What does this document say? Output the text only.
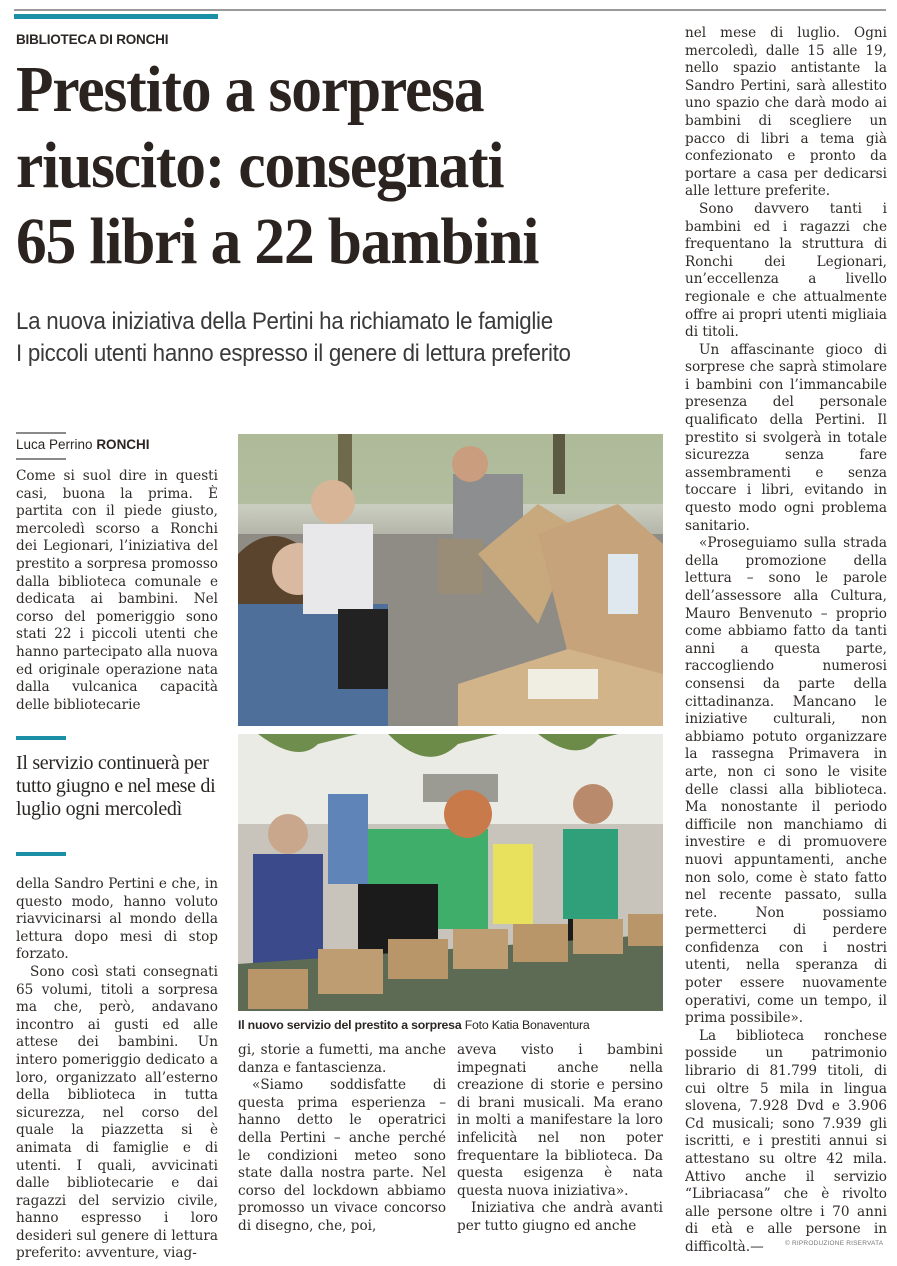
BIBLIOTECA DI RONCHI
Prestito a sorpresa
riuscito: consegnati
65 libri a 22 bambini
La nuova iniziativa della Pertini ha richiamato le famiglie
I piccoli utenti hanno espresso il genere di lettura preferito
Luca Perrino RONCHI

Come si suol dire in questi casi, buona la prima. È partita con il piede giusto, mercoledì scorso a Ronchi dei Legionari, l’iniziativa del prestito a sorpresa promosso dalla biblioteca comunale e dedicata ai bambini. Nel corso del pomeriggio sono stati 22 i piccoli utenti che hanno partecipato alla nuova ed originale operazione nata dalla vulcanica capacità delle bibliotecarie

Il servizio continuerà per tutto giugno e nel mese di luglio ogni mercoledì

della Sandro Pertini e che, in questo modo, hanno voluto riavvicinarsi al mondo della lettura dopo mesi di stop forzato.

Sono così stati consegnati 65 volumi, titoli a sorpresa ma che, però, andavano incontro ai gusti ed alle attese dei bambini. Un intero pomeriggio dedicato a loro, organizzato all’esterno della biblioteca in tutta sicurezza, nel corso del quale la piazzetta si è animata di famiglie e di utenti. I quali, avvicinati dalle bibliotecarie e dai ragazzi del servizio civile, hanno espresso i loro desideri sul genere di lettura preferito: avventure, viag-

Il nuovo servizio del prestito a sorpresa Foto Katia Bonaventura

gi, storie a fumetti, ma anche danza e fantascienza.

«Siamo soddisfatte di questa prima esperienza – hanno detto le operatrici della Pertini – anche perché le condizioni meteo sono state dalla nostra parte. Nel corso del lockdown abbiamo promosso un vivace concorso di disegno, che, poi,

aveva visto i bambini impegnati anche nella creazione di storie e persino di brani musicali. Ma erano in molti a manifestare la loro infelicità nel non poter frequentare la biblioteca. Da questa esigenza è nata questa nuova iniziativa».

Iniziativa che andrà avanti per tutto giugno ed anche

nel mese di luglio. Ogni mercoledì, dalle 15 alle 19, nello spazio antistante la Sandro Pertini, sarà allestito uno spazio che darà modo ai bambini di scegliere un pacco di libri a tema già confezionato e pronto da portare a casa per dedicarsi alle letture preferite.

Sono davvero tanti i bambini ed i ragazzi che frequentano la struttura di Ronchi dei Legionari, un’eccellenza a livello regionale e che attualmente offre ai propri utenti migliaia di titoli.

Un affascinante gioco di sorprese che saprà stimolare i bambini con l’immancabile presenza del personale qualificato della Pertini. Il prestito si svolgerà in totale sicurezza senza fare assembramenti e senza toccare i libri, evitando in questo modo ogni problema sanitario.

«Proseguiamo sulla strada della promozione della lettura – sono le parole dell’assessore alla Cultura, Mauro Benvenuto – proprio come abbiamo fatto da tanti anni a questa parte, raccogliendo numerosi consensi da parte della cittadinanza. Mancano le iniziative culturali, non abbiamo potuto organizzare la rassegna Primavera in arte, non ci sono le visite delle classi alla biblioteca. Ma nonostante il periodo difficile non manchiamo di investire e di promuovere nuovi appuntamenti, anche non solo, come è stato fatto nel recente passato, sulla rete. Non possiamo permetterci di perdere confidenza con i nostri utenti, nella speranza di poter essere nuovamente operativi, come un tempo, il prima possibile».

La biblioteca ronchese posside un patrimonio librario di 81.799 titoli, di cui oltre 5 mila in lingua slovena, 7.928 Dvd e 3.906 Cd musicali; sono 7.939 gli iscritti, e i prestiti annui si attestano su oltre 42 mila. Attivo anche il servizio “Libriacasa” che è rivolto alle persone oltre i 70 anni di età e alle persone in difficoltà.—	© RIPRODUZIONE RISERVATA
